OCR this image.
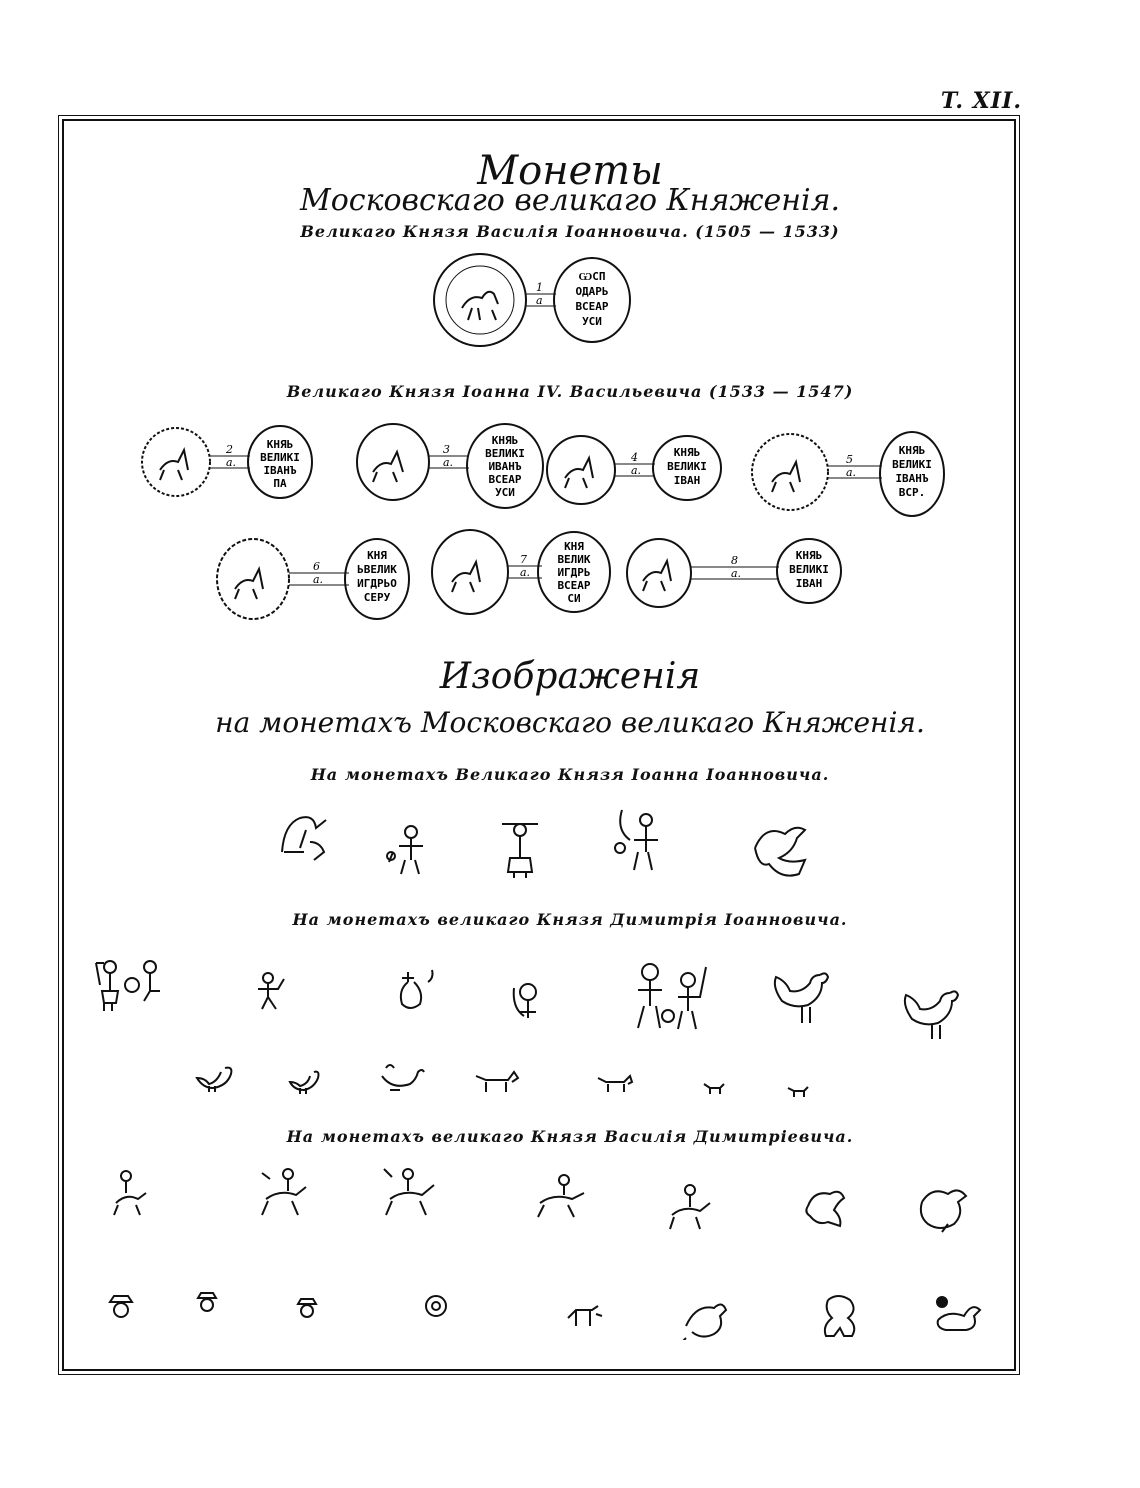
T. XII.
Монеты
Московскаго великаго Княженія.
Великаго Князя Василія Іоанновича. (1505 — 1533)
1
a
ѠСП
ОДАРЬ
ВСЕАР
УСИ
Великаго Князя Іоанна IV. Васильевича (1533 — 1547)
2
a.
КНЯЬ
ВЕЛИКІ
ІВАНЪ
ПА
3
a.
КНЯЬ
ВЕЛИКІ
ИВАНЪ
ВСЕАР
УСИ
4
a.
КНЯЬ
ВЕЛИКІ
ІВАН
5
a.
КНЯЬ
ВЕЛИКІ
ІВАНЪ
ВСР.
6
a.
КНЯ
ЬВЕЛИК
ИГДРЬО
СЕРУ
7
a.
КНЯ
ВЕЛИК
ИГДРЬ
ВСЕАР
СИ
8
a.
КНЯЬ
ВЕЛИКІ
ІВАН
Изображенія
на монетахъ Московскаго великаго Княженія.
На монетахъ Великаго Князя Іоанна Іоанновича.
На монетахъ великаго Князя Димитрія Іоанновича.
На монетахъ великаго Князя Василія Димитріевича.
